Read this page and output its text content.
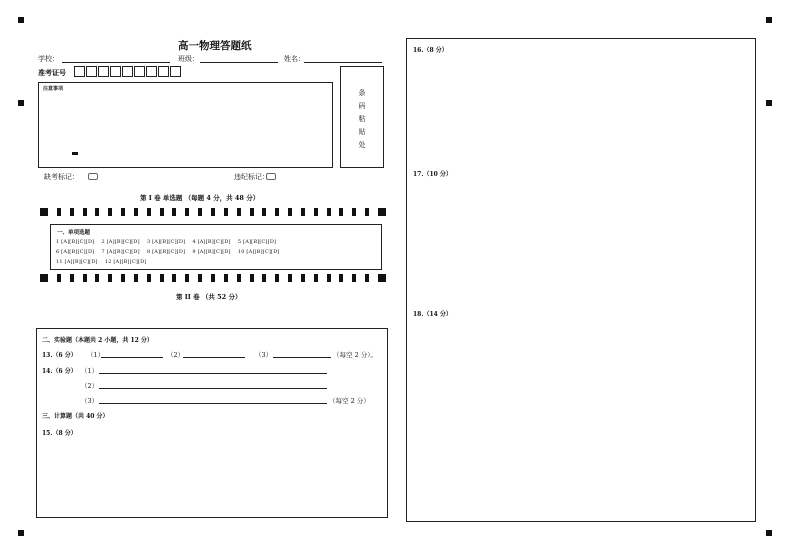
高一物理答题纸
学校：	班级：	姓名：
准考证号
注意事项	条
码
粘
贴
处
缺考标记：	违纪标记：
第 I 卷 单选题 （每题 4 分，共 48 分）
一、单项选题
1 [A][B][C][D]    2 [A][B][C][D]    3 [A][B][C][D]    4 [A][B][C][D]    5 [A][B][C][D]
6 [A][B][C][D]    7 [A][B][C][D]    8 [A][B][C][D]    9 [A][B][C][D]    10 [A][B][C][D]
11 [A][B][C][D]    12 [A][B][C][D]
第 II 卷 （共 52 分）
二、实验题（本题共 2 小题，共 12 分）
13.（6 分） （1）	（2）	（3）	（每空 2 分）。
14.（6 分） （1）
（2）
（3）	（每空 2 分）
三、计算题（共 40 分）
15.（8 分）
16.（8 分）
17.（10 分）
18.（14 分）
